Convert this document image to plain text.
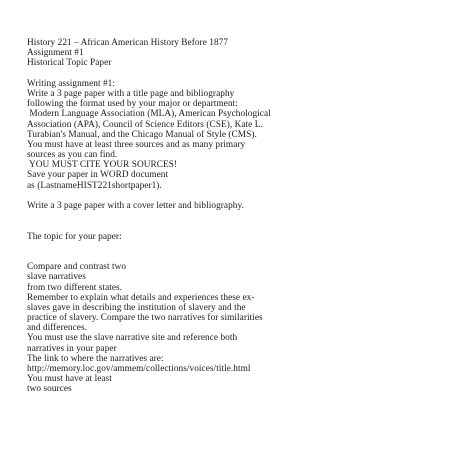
History 221 – African American History Before 1877
Assignment #1
Historical Topic Paper
Writing assignment #1:
Write a 3 page paper with a title page and bibliography
following the format used by your major or department:
Modern Language Association (MLA), American Psychological
Association (APA), Council of Science Editors (CSE), Kate L.
Turabian's Manual, and the Chicago Manual of Style (CMS).
You must have at least three sources and as many primary
sources as you can find.
YOU MUST CITE YOUR SOURCES!
Save your paper in WORD document
as (LastnameHIST221shortpaper1).
Write a 3 page paper with a cover letter and bibliography.
The topic for your paper:
Compare and contrast two
slave narratives
from two different states.
Remember to explain what details and experiences these ex-
slaves gave in describing the institution of slavery and the
practice of slavery. Compare the two narratives for similarities
and differences.
You must use the slave narrative site and reference both
narratives in your paper
The link to where the narratives are:
http://memory.loc.gov/ammem/collections/voices/title.html
You must have at least
two sources
